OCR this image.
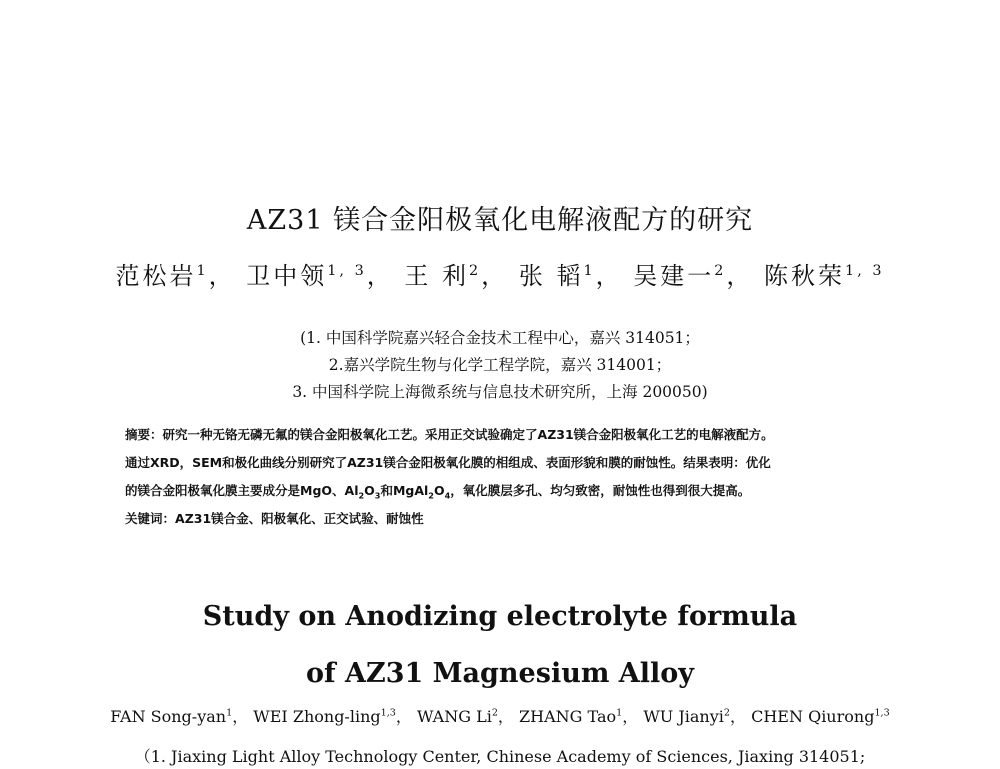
AZ31 镁合金阳极氧化电解液配方的研究
范松岩$^1$， 卫中领$^{1, 3}$， 王 利$^2$， 张 韬$^1$， 吴建一$^2$， 陈秋荣$^{1, 3}$
(1. 中国科学院嘉兴轻合金技术工程中心，嘉兴 314051；
2.嘉兴学院生物与化学工程学院，嘉兴 314001；
3. 中国科学院上海微系统与信息技术研究所，上海 200050)
摘要：研究一种无铬无磷无氟的镁合金阳极氧化工艺。采用正交试验确定了AZ31镁合金阳极氧化工艺的电解液配方。
通过XRD，SEM和极化曲线分别研究了AZ31镁合金阳极氧化膜的相组成、表面形貌和膜的耐蚀性。结果表明：优化
的镁合金阳极氧化膜主要成分是MgO、$Al_2O_3$和$MgAl_2O_4$，氧化膜层多孔、均匀致密，耐蚀性也得到很大提高。
关键词：AZ31镁合金、阳极氧化、正交试验、耐蚀性
Study on Anodizing electrolyte formula
of AZ31 Magnesium Alloy
FAN Song-yan$^1$， WEI Zhong-ling$^{1,3}$， WANG Li$^2$， ZHANG Tao$^1$， WU Jianyi$^2$， CHEN Qiurong$^{1,3}$
（1. Jiaxing Light Alloy Technology Center, Chinese Academy of Sciences, Jiaxing 314051;
